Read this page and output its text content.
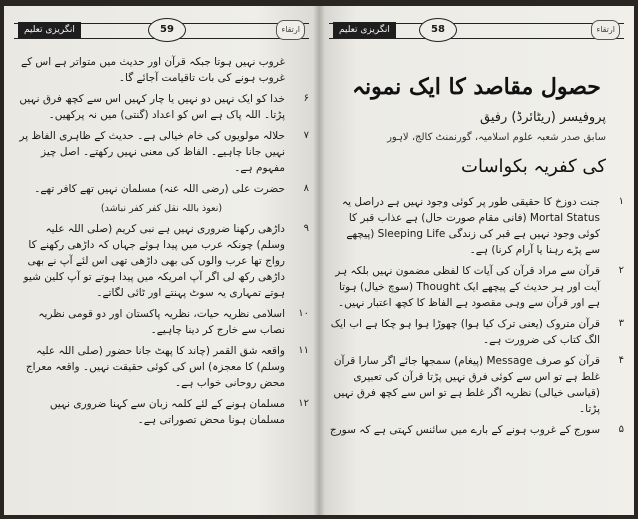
انگریزی تعلیم	59	ارتقاء
غروب نہیں ہوتا جبکہ قرآن اور حدیث میں متواتر ہے اس کے غروب ہونے کی بات تاقیامت آجائے گا۔
۶
خدا کو ایک نہیں دو نہیں یا چار کہیں اس سے کچھ فرق نہیں پڑتا۔ اللہ پاک ہے اس کو اعداد (گنتی) میں نہ پرکھیں۔
۷
حلالہ مولویوں کی خام خیالی ہے۔ حدیث کے ظاہری الفاظ پر نہیں جانا چاہیے۔ الفاظ کی معنی نہیں رکھتے۔ اصل چیز مفہوم ہے۔
۸
حضرت علی (رضی اللہ عنہ) مسلمان نہیں تھے کافر تھے۔
(نعوذ باللہ نقل کفر کفر نباشد)
۹
داڑھی رکھنا ضروری نہیں ہے نبی کریم (صلی اللہ علیہ وسلم) چونکہ عرب میں پیدا ہوئے جہاں کہ داڑھی رکھنے کا رواج تھا عرب والوں کی بھی داڑھی تھی اس لئے آپ نے بھی داڑھی رکھ لی اگر آپ امریکہ میں پیدا ہوتے تو آپ کلین شیو ہوتے تمہاری یہ سوٹ پہنتے اور ٹائی لگاتے۔
۱۰
اسلامی نظریہ حیات، نظریہ پاکستان اور دو قومی نظریہ نصاب سے خارج کر دینا چاہیے۔
۱۱
واقعہ شق القمر (چاند کا پھٹ جانا حضور (صلی اللہ علیہ وسلم) کا معجزہ) اس کی کوئی حقیقت نہیں۔ واقعہ معراج محض روحانی خواب ہے۔
۱۲
مسلمان ہونے کے لئے کلمہ زبان سے کہنا ضروری نہیں مسلمان ہونا محض تصوراتی ہے۔
انگریزی تعلیم	58	ارتقاء
حصول مقاصد کا ایک نمونہ
پروفیسر (ریٹائرڈ) رفیق
سابق صدر شعبہ علوم اسلامیہ، گورنمنٹ کالج، لاہور
کی کفریہ بکواسات
۱
جنت دوزخ کا حقیقی طور پر کوئی وجود نہیں ہے دراصل یہ Mortal Status (فانی مقام صورت حال) ہے عذاب قبر کا کوئی وجود نہیں ہے قبر کی زندگی Sleeping Life (پیچھے سے پڑے رہنا یا آرام کرنا) ہے۔
۲
قرآن سے مراد قرآن کی آیات کا لفظی مضمون نہیں بلکہ ہر آیت اور ہر حدیث کے پیچھے ایک Thought (سوچ خیال) ہوتا ہے اور قرآن سے وہی مقصود ہے الفاظ کا کچھ اعتبار نہیں۔
۳
قرآن متروک (یعنی ترک کیا ہوا) چھوڑا ہوا ہو چکا ہے اب ایک الگ کتاب کی ضرورت ہے۔
۴
قرآن کو صرف Message (پیغام) سمجھا جائے اگر سارا قرآن غلط ہے تو اس سے کوئی فرق نہیں پڑتا قرآن کی تعبیری (قیاسی خیالی) نظریہ اگر غلط ہے تو اس سے کچھ فرق نہیں پڑتا۔
۵
سورج کے غروب ہونے کے بارے میں سائنس کہتی ہے کہ سورج
